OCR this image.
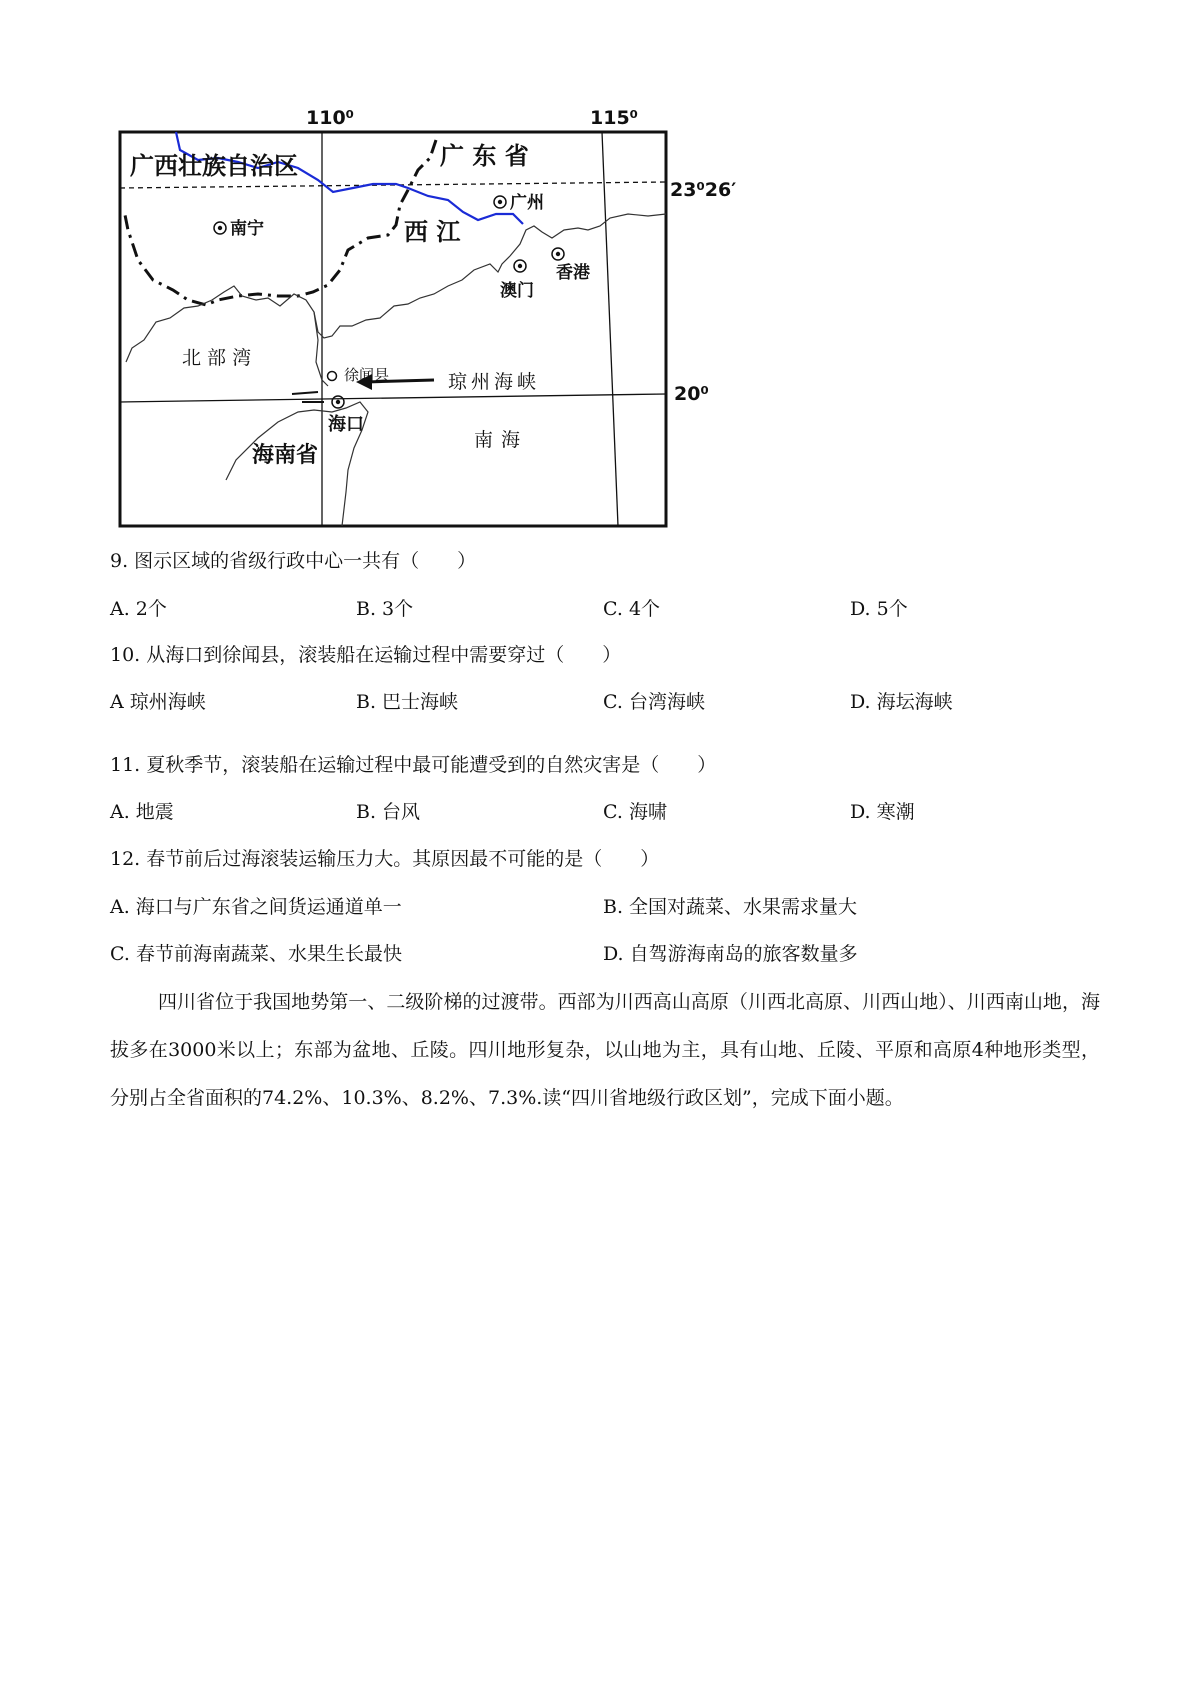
110⁰	115⁰
23⁰26′
20⁰
广西壮族自治区	广 东 省
南宁
广州
西 江
澳门
香港
北 部 湾
徐闻县	琼州海峡
海口
海南省
南 海
9. 图示区域的省级行政中心一共有（　　）
A. 2个	B. 3个	C. 4个	D. 5个
10. 从海口到徐闻县，滚装船在运输过程中需要穿过（　　）
A 琼州海峡	B. 巴士海峡	C. 台湾海峡	D. 海坛海峡
11. 夏秋季节，滚装船在运输过程中最可能遭受到的自然灾害是（　　）
A. 地震	B. 台风	C. 海啸	D. 寒潮
12. 春节前后过海滚装运输压力大。其原因最不可能的是（　　）
A. 海口与广东省之间货运通道单一	B. 全国对蔬菜、水果需求量大
C. 春节前海南蔬菜、水果生长最快	D. 自驾游海南岛的旅客数量多
四川省位于我国地势第一、二级阶梯的过渡带。西部为川西高山高原（川西北高原、川西山地）、川西南山地，海拔多在3000米以上；东部为盆地、丘陵。四川地形复杂，以山地为主，具有山地、丘陵、平原和高原4种地形类型，分别占全省面积的74.2%、10.3%、8.2%、7.3%.读“四川省地级行政区划”，完成下面小题。
